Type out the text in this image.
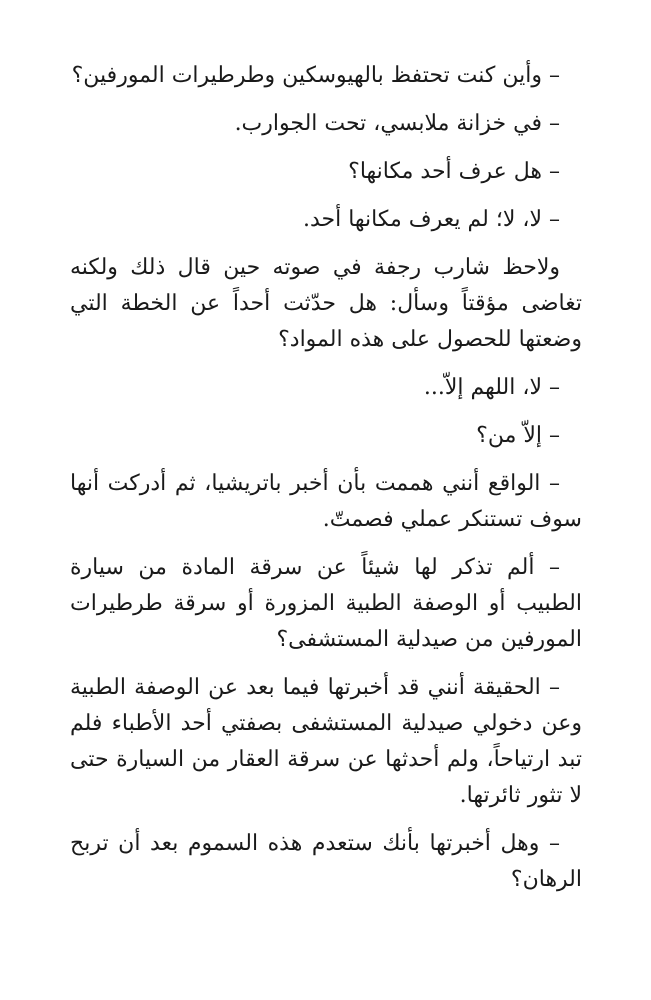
– وأين كنت تحتفظ بالهيوسكين وطرطيرات المورفين؟

– في خزانة ملابسي، تحت الجوارب.

– هل عرف أحد مكانها؟

– لا، لا؛ لم يعرف مكانها أحد.

ولاحظ شارب رجفة في صوته حين قال ذلك ولكنه تغاضى مؤقتاً وسأل: هل حدّثت أحداً عن الخطة التي وضعتها للحصول على هذه المواد؟

– لا، اللهم إلاّ...

– إلاّ من؟

– الواقع أنني هممت بأن أخبر باتريشيا، ثم أدركت أنها سوف تستنكر عملي فصمتّ.

– ألم تذكر لها شيئاً عن سرقة المادة من سيارة الطبيب أو الوصفة الطبية المزورة أو سرقة طرطيرات المورفين من صيدلية المستشفى؟

– الحقيقة أنني قد أخبرتها فيما بعد عن الوصفة الطبية وعن دخولي صيدلية المستشفى بصفتي أحد الأطباء فلم تبد ارتياحاً، ولم أحدثها عن سرقة العقار من السيارة حتى لا تثور ثائرتها.

– وهل أخبرتها بأنك ستعدم هذه السموم بعد أن تربح الرهان؟
